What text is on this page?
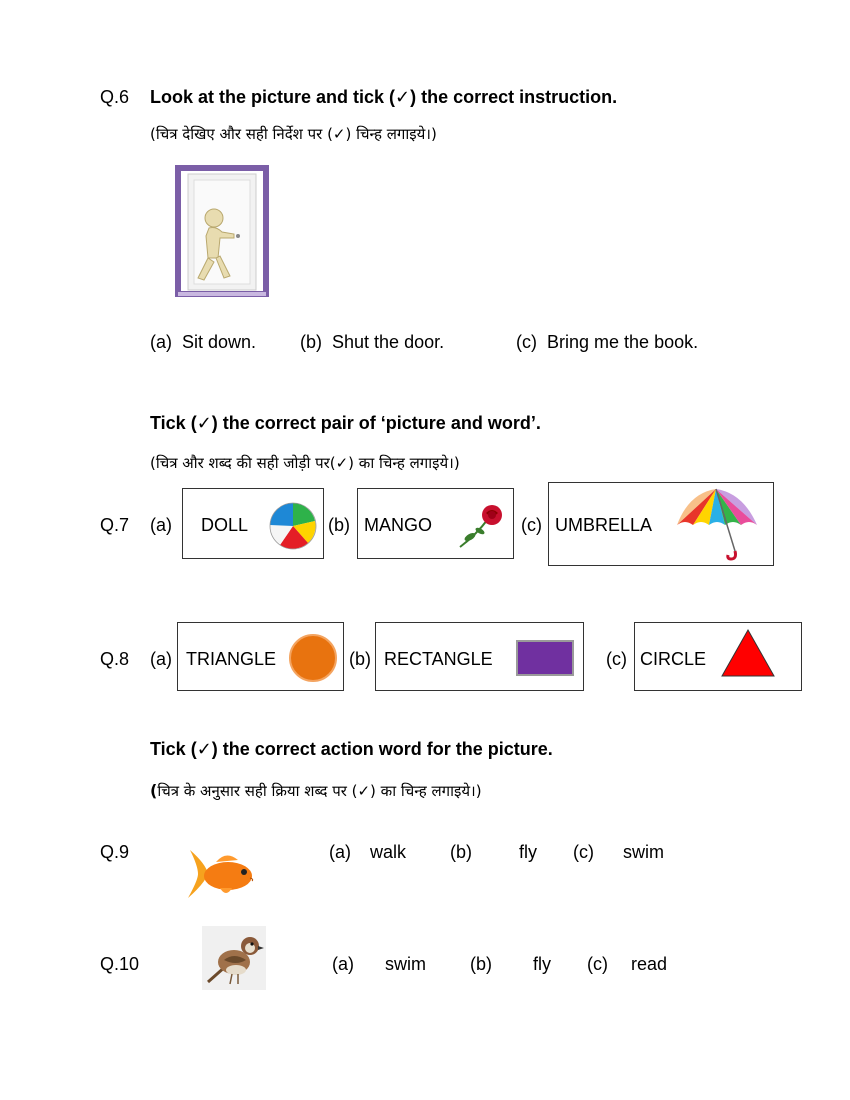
Q.6 Look at the picture and tick (✓) the correct instruction.
(चित्र देखिए और सही निर्देश पर (✓) चिन्ह लगाइये।)
(a) Sit down. (b) Shut the door.	(c) Bring me the book.
Tick (✓) the correct pair of ‘picture and word’.
(चित्र और शब्द की सही जोड़ी पर(✓) का चिन्ह लगाइये।)
Q.7 (a) DOLL	(b) MANGO	(c) UMBRELLA
Q.8 (a) TRIANGLE	(b) RECTANGLE	(c) CIRCLE
Tick (✓) the correct action word for the picture.
(चित्र के अनुसार सही क्रिया शब्द पर (✓) का चिन्ह लगाइये।)
Q.9	(a) walk (b)	fly (c) swim
Q.10	(a) swim (b) fly (c) read
